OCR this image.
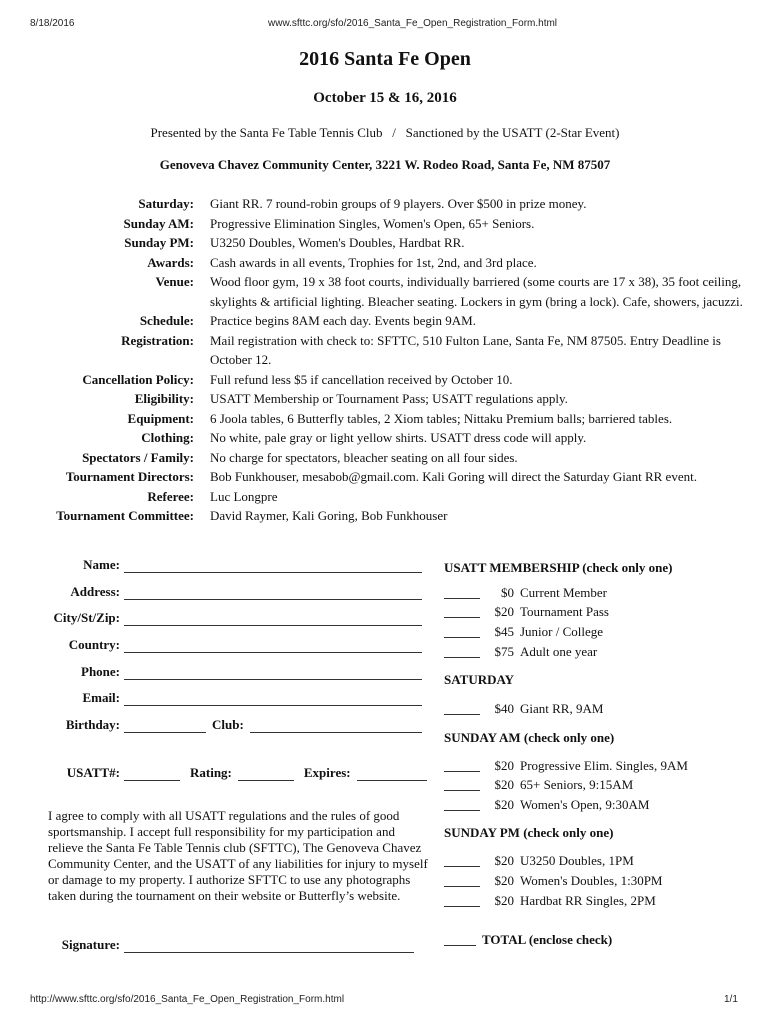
8/18/2016	www.sfttc.org/sfo/2016_Santa_Fe_Open_Registration_Form.html
2016 Santa Fe Open
October 15 & 16, 2016
Presented by the Santa Fe Table Tennis Club   /   Sanctioned by the USATT (2-Star Event)
Genoveva Chavez Community Center, 3221 W. Rodeo Road, Santa Fe, NM 87507
Saturday:	Giant RR. 7 round-robin groups of 9 players. Over $500 in prize money.
Sunday AM:	Progressive Elimination Singles, Women's Open, 65+ Seniors.
Sunday PM:	U3250 Doubles, Women's Doubles, Hardbat RR.
Awards:	Cash awards in all events, Trophies for 1st, 2nd, and 3rd place.
Venue:	Wood floor gym, 19 x 38 foot courts, individually barriered (some courts are 17 x 38), 35 foot ceiling, skylights & artificial lighting. Bleacher seating. Lockers in gym (bring a lock). Cafe, showers, jacuzzi.
Schedule:	Practice begins 8AM each day. Events begin 9AM.
Registration:	Mail registration with check to: SFTTC, 510 Fulton Lane, Santa Fe, NM 87505. Entry Deadline is October 12.
Cancellation Policy:	Full refund less $5 if cancellation received by October 10.
Eligibility:	USATT Membership or Tournament Pass; USATT regulations apply.
Equipment:	6 Joola tables, 6 Butterfly tables, 2 Xiom tables; Nittaku Premium balls; barriered tables.
Clothing:	No white, pale gray or light yellow shirts. USATT dress code will apply.
Spectators / Family:	No charge for spectators, bleacher seating on all four sides.
Tournament Directors:	Bob Funkhouser, mesabob@gmail.com. Kali Goring will direct the Saturday Giant RR event.
Referee:	Luc Longpre
Tournament Committee:	David Raymer, Kali Goring, Bob Funkhouser
Name:
Address:
City/St/Zip:
Country:
Phone:
Email:
Birthday:	Club:
USATT#:	Rating:	Expires:
Signature:
I agree to comply with all USATT regulations and the rules of good sportsmanship. I accept full responsibility for my participation and relieve the Santa Fe Table Tennis club (SFTTC), The Genoveva Chavez Community Center, and the USATT of any liabilities for injury to myself or damage to my property. I authorize SFTTC to use any photographs taken during the tournament on their website or Butterfly’s website.
USATT MEMBERSHIP (check only one)
$0 Current Member
$20 Tournament Pass
$45 Junior / College
$75 Adult one year
SATURDAY
$40 Giant RR, 9AM
SUNDAY AM (check only one)
$20 Progressive Elim. Singles, 9AM
$20 65+ Seniors, 9:15AM
$20 Women's Open, 9:30AM
SUNDAY PM (check only one)
$20 U3250 Doubles, 1PM
$20 Women's Doubles, 1:30PM
$20 Hardbat RR Singles, 2PM
TOTAL (enclose check)
http://www.sfttc.org/sfo/2016_Santa_Fe_Open_Registration_Form.html	1/1
